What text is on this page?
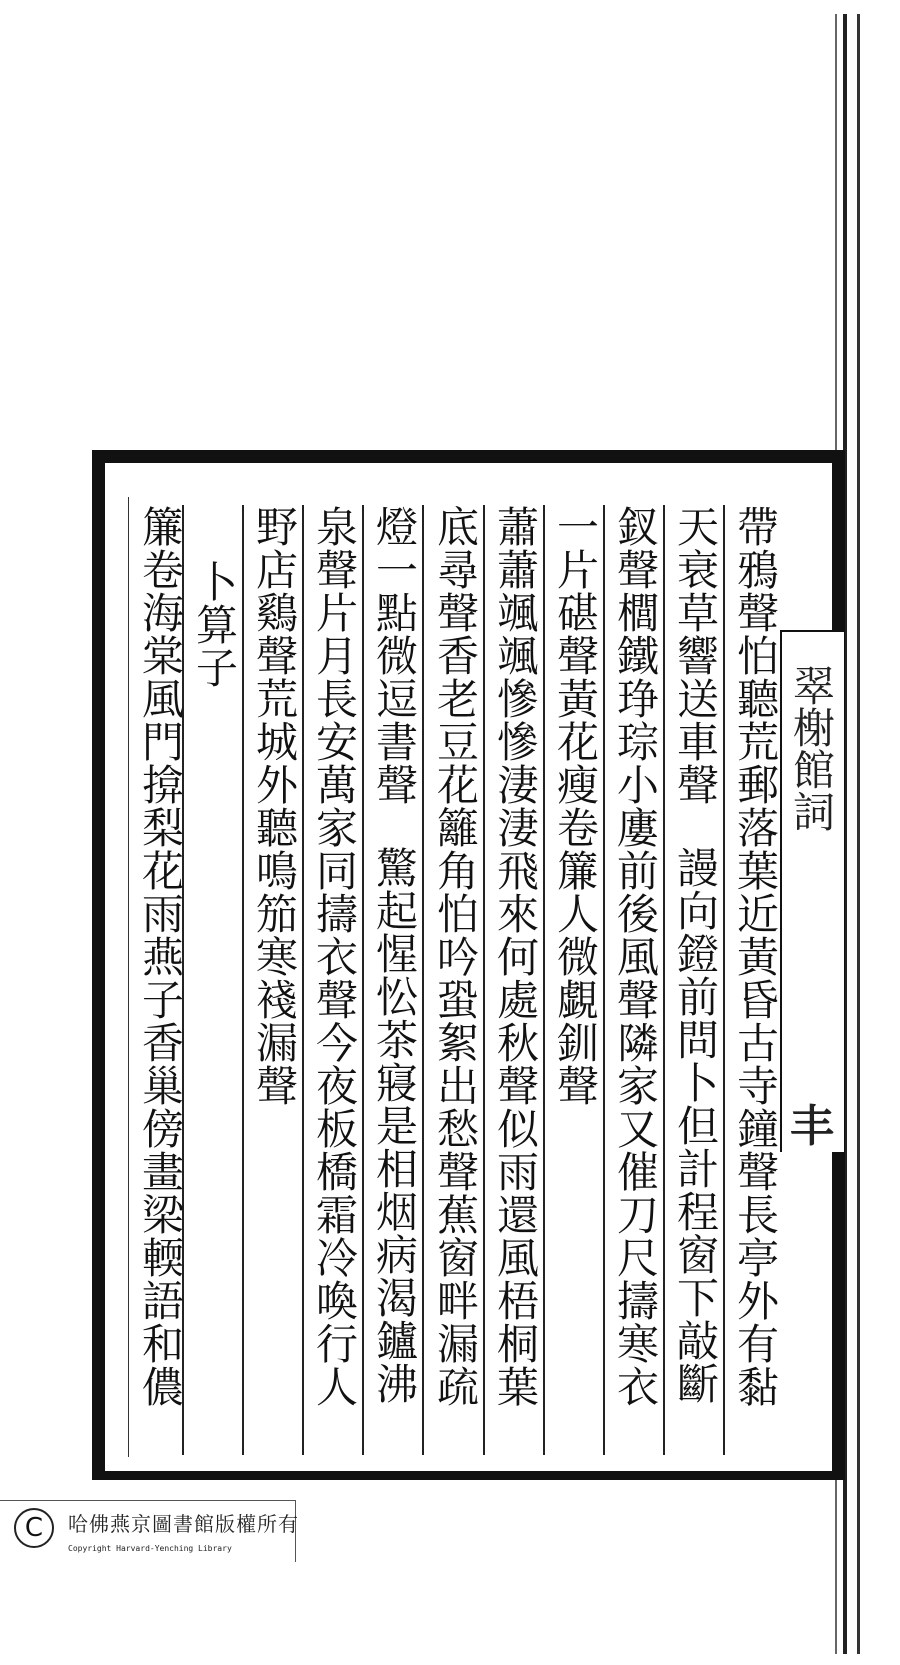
帶鴉聲怕聽荒郵落葉近黃昏古寺鐘聲長亭外有黏
天衰草響送車聲謾向鐙前問卜但計程窗下敲斷
釵聲櫚鐵琤琮小廔前後風聲隣家又催刀尺擣寒衣
一片碪聲黃花瘦卷簾人微覷釧聲
蕭蕭颯颯慘慘淒淒飛來何處秋聲似雨還風梧桐葉
底尋聲香老豆花籬角怕吟蛩絮出愁聲蕉窗畔漏疏
燈一點微逗書聲驚起惺忪茶寢是相烟病渴鑪沸
泉聲片月長安萬家同擣衣聲今夜板橋霜冷喚行人
野店鷄聲荒城外聽鳴笳寒䙁漏聲
卜算子
簾卷海棠風門揜梨花雨燕子香巢傍畫梁輭語和儂	翠榭館詞
丰
C	哈佛燕京圖書館版權所有
Copyright Harvard-Yenching Library
